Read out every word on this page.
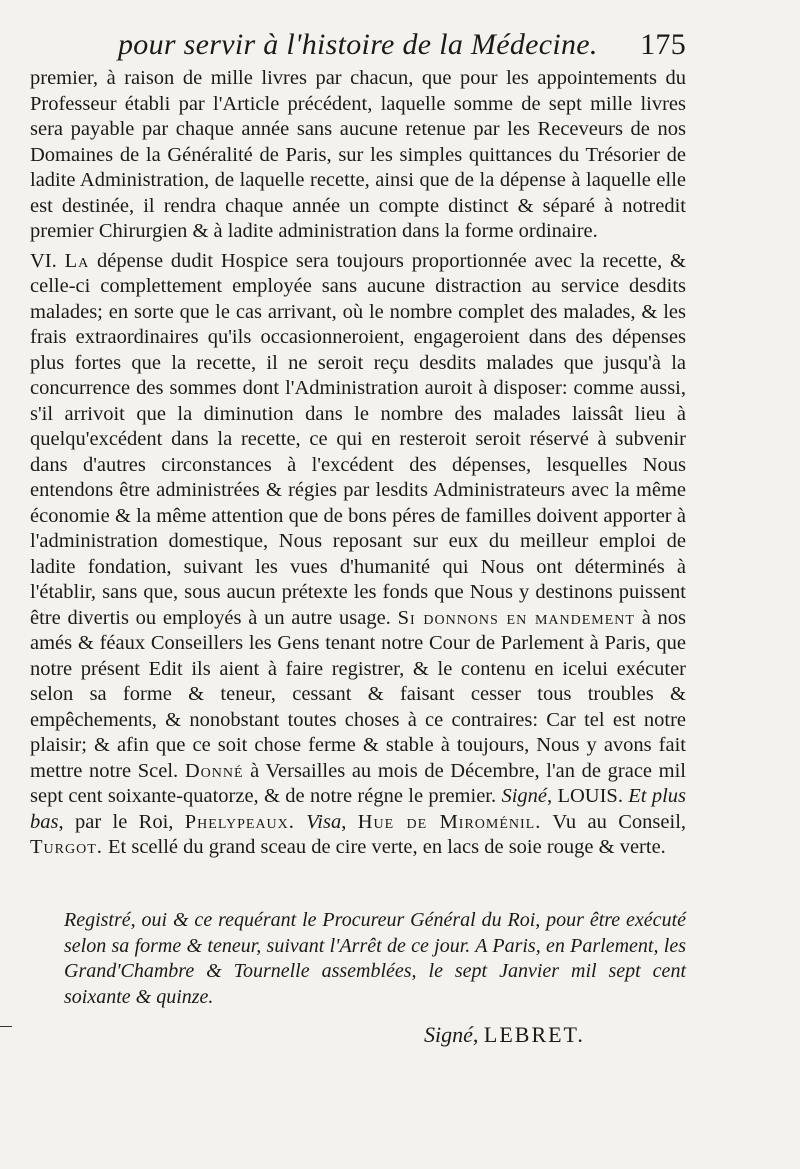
pour servir à l'histoire de la Médecine. 175

premier, à raison de mille livres par chacun, que pour les appointements du Professeur établi par l'Article précédent, laquelle somme de sept mille livres sera payable par chaque année sans aucune retenue par les Receveurs de nos Domaines de la Généralité de Paris, sur les simples quittances du Trésorier de ladite Administration, de laquelle recette, ainsi que de la dépense à laquelle elle est destinée, il rendra chaque année un compte distinct & séparé à notredit premier Chirurgien & à ladite administration dans la forme ordinaire.

VI. La dépense dudit Hospice sera toujours proportionnée avec la recette, & celle-ci complettement employée sans aucune distraction au service desdits malades; en sorte que le cas arrivant, où le nombre complet des malades, & les frais extraordinaires qu'ils occasionneroient, engageroient dans des dépenses plus fortes que la recette, il ne seroit reçu desdits malades que jusqu'à la concurrence des sommes dont l'Administration auroit à disposer: comme aussi, s'il arrivoit que la diminution dans le nombre des malades laissât lieu à quelqu'excédent dans la recette, ce qui en resteroit seroit réservé à subvenir dans d'autres circonstances à l'excédent des dépenses, lesquelles Nous entendons être administrées & régies par lesdits Administrateurs avec la même économie & la même attention que de bons péres de familles doivent apporter à l'administration domestique, Nous reposant sur eux du meilleur emploi de ladite fondation, suivant les vues d'humanité qui Nous ont déterminés à l'établir, sans que, sous aucun prétexte les fonds que Nous y destinons puissent être divertis ou employés à un autre usage. Si donnons en mandement à nos amés & féaux Conseillers les Gens tenant notre Cour de Parlement à Paris, que notre présent Edit ils aient à faire registrer, & le contenu en icelui exécuter selon sa forme & teneur, cessant & faisant cesser tous troubles & empêchements, & nonobstant toutes choses à ce contraires: Car tel est notre plaisir; & afin que ce soit chose ferme & stable à toujours, Nous y avons fait mettre notre Scel. Donné à Versailles au mois de Décembre, l'an de grace mil sept cent soixante-quatorze, & de notre régne le premier. Signé, LOUIS. Et plus bas, par le Roi, Phelypeaux. Visa, Hue de Miroménil. Vu au Conseil, Turgot. Et scellé du grand sceau de cire verte, en lacs de soie rouge & verte.

Registré, oui & ce requérant le Procureur Général du Roi, pour être exécuté selon sa forme & teneur, suivant l'Arrêt de ce jour. A Paris, en Parlement, les Grand'Chambre & Tournelle assemblées, le sept Janvier mil sept cent soixante & quinze.
Signé, LEBRET.
